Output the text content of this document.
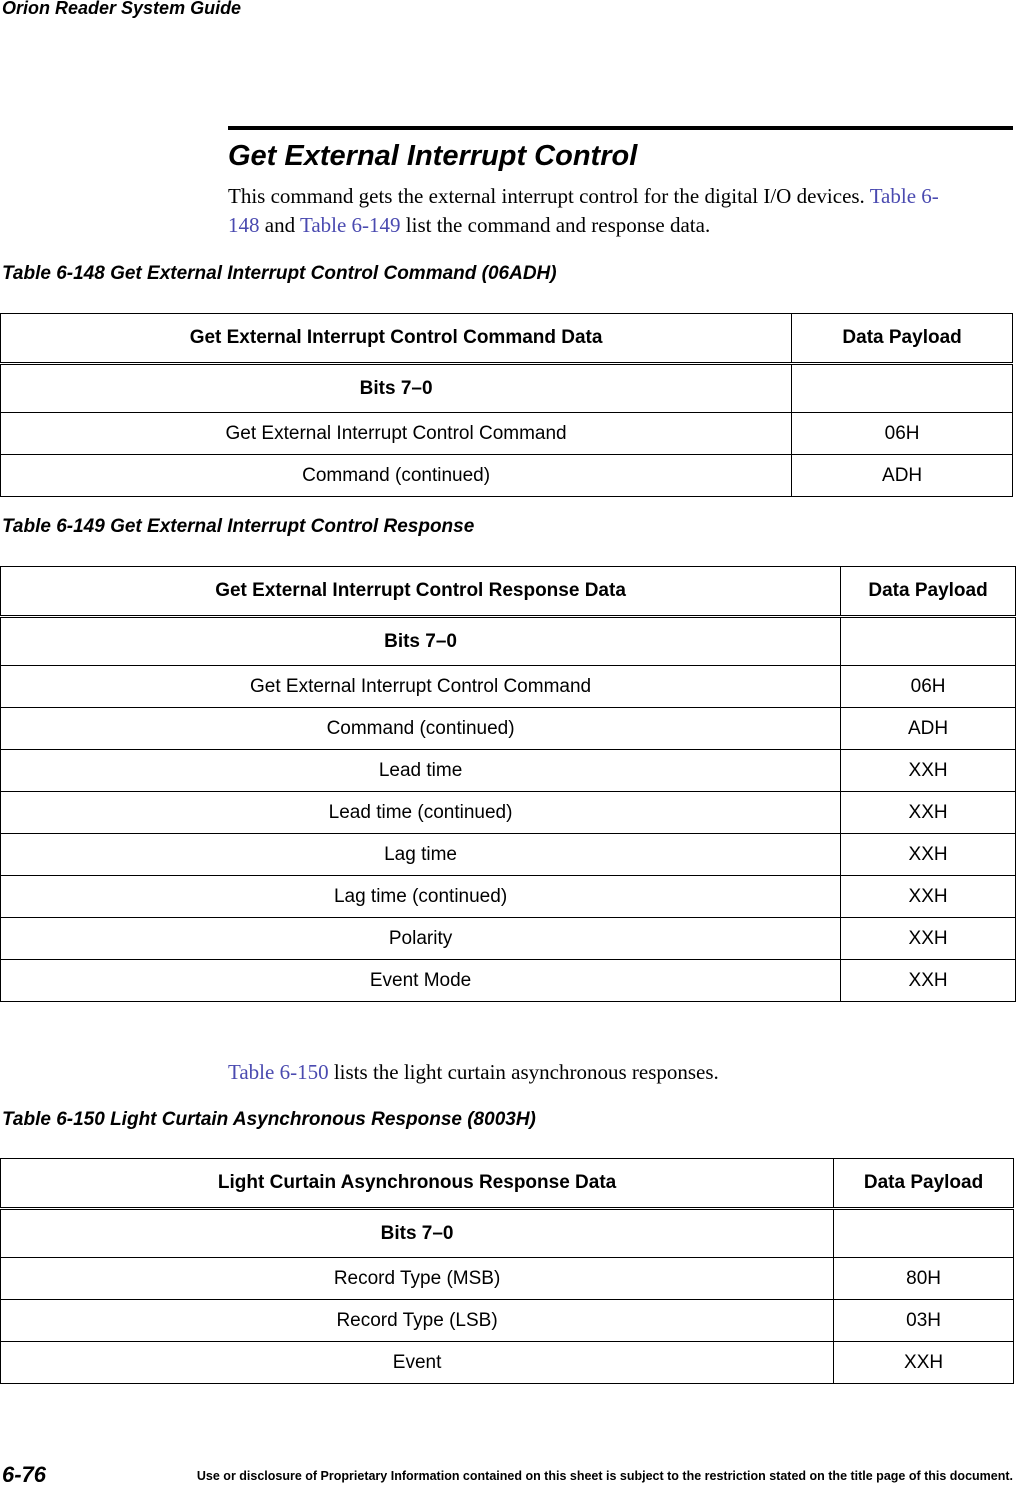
Orion Reader System Guide
Get External Interrupt Control
This command gets the external interrupt control for the digital I/O devices. Table 6-
148 and Table 6-149 list the command and response data.
Table 6-148 Get External Interrupt Control Command (06ADH)
Get External Interrupt Control Command Data	Data Payload
Bits 7–0	
Get External Interrupt Control Command	06H
Command (continued)	ADH
Table 6-149 Get External Interrupt Control Response
Get External Interrupt Control Response Data	Data Payload
Bits 7–0	
Get External Interrupt Control Command	06H
Command (continued)	ADH
Lead time	XXH
Lead time (continued)	XXH
Lag time	XXH
Lag time (continued)	XXH
Polarity	XXH
Event Mode	XXH
Table 6-150 lists the light curtain asynchronous responses.
Table 6-150 Light Curtain Asynchronous Response (8003H)
Light Curtain Asynchronous Response Data	Data Payload
Bits 7–0	
Record Type (MSB)	80H
Record Type (LSB)	03H
Event	XXH
6-76	Use or disclosure of Proprietary Information contained on this sheet is subject to the restriction stated on the title page of this document.
